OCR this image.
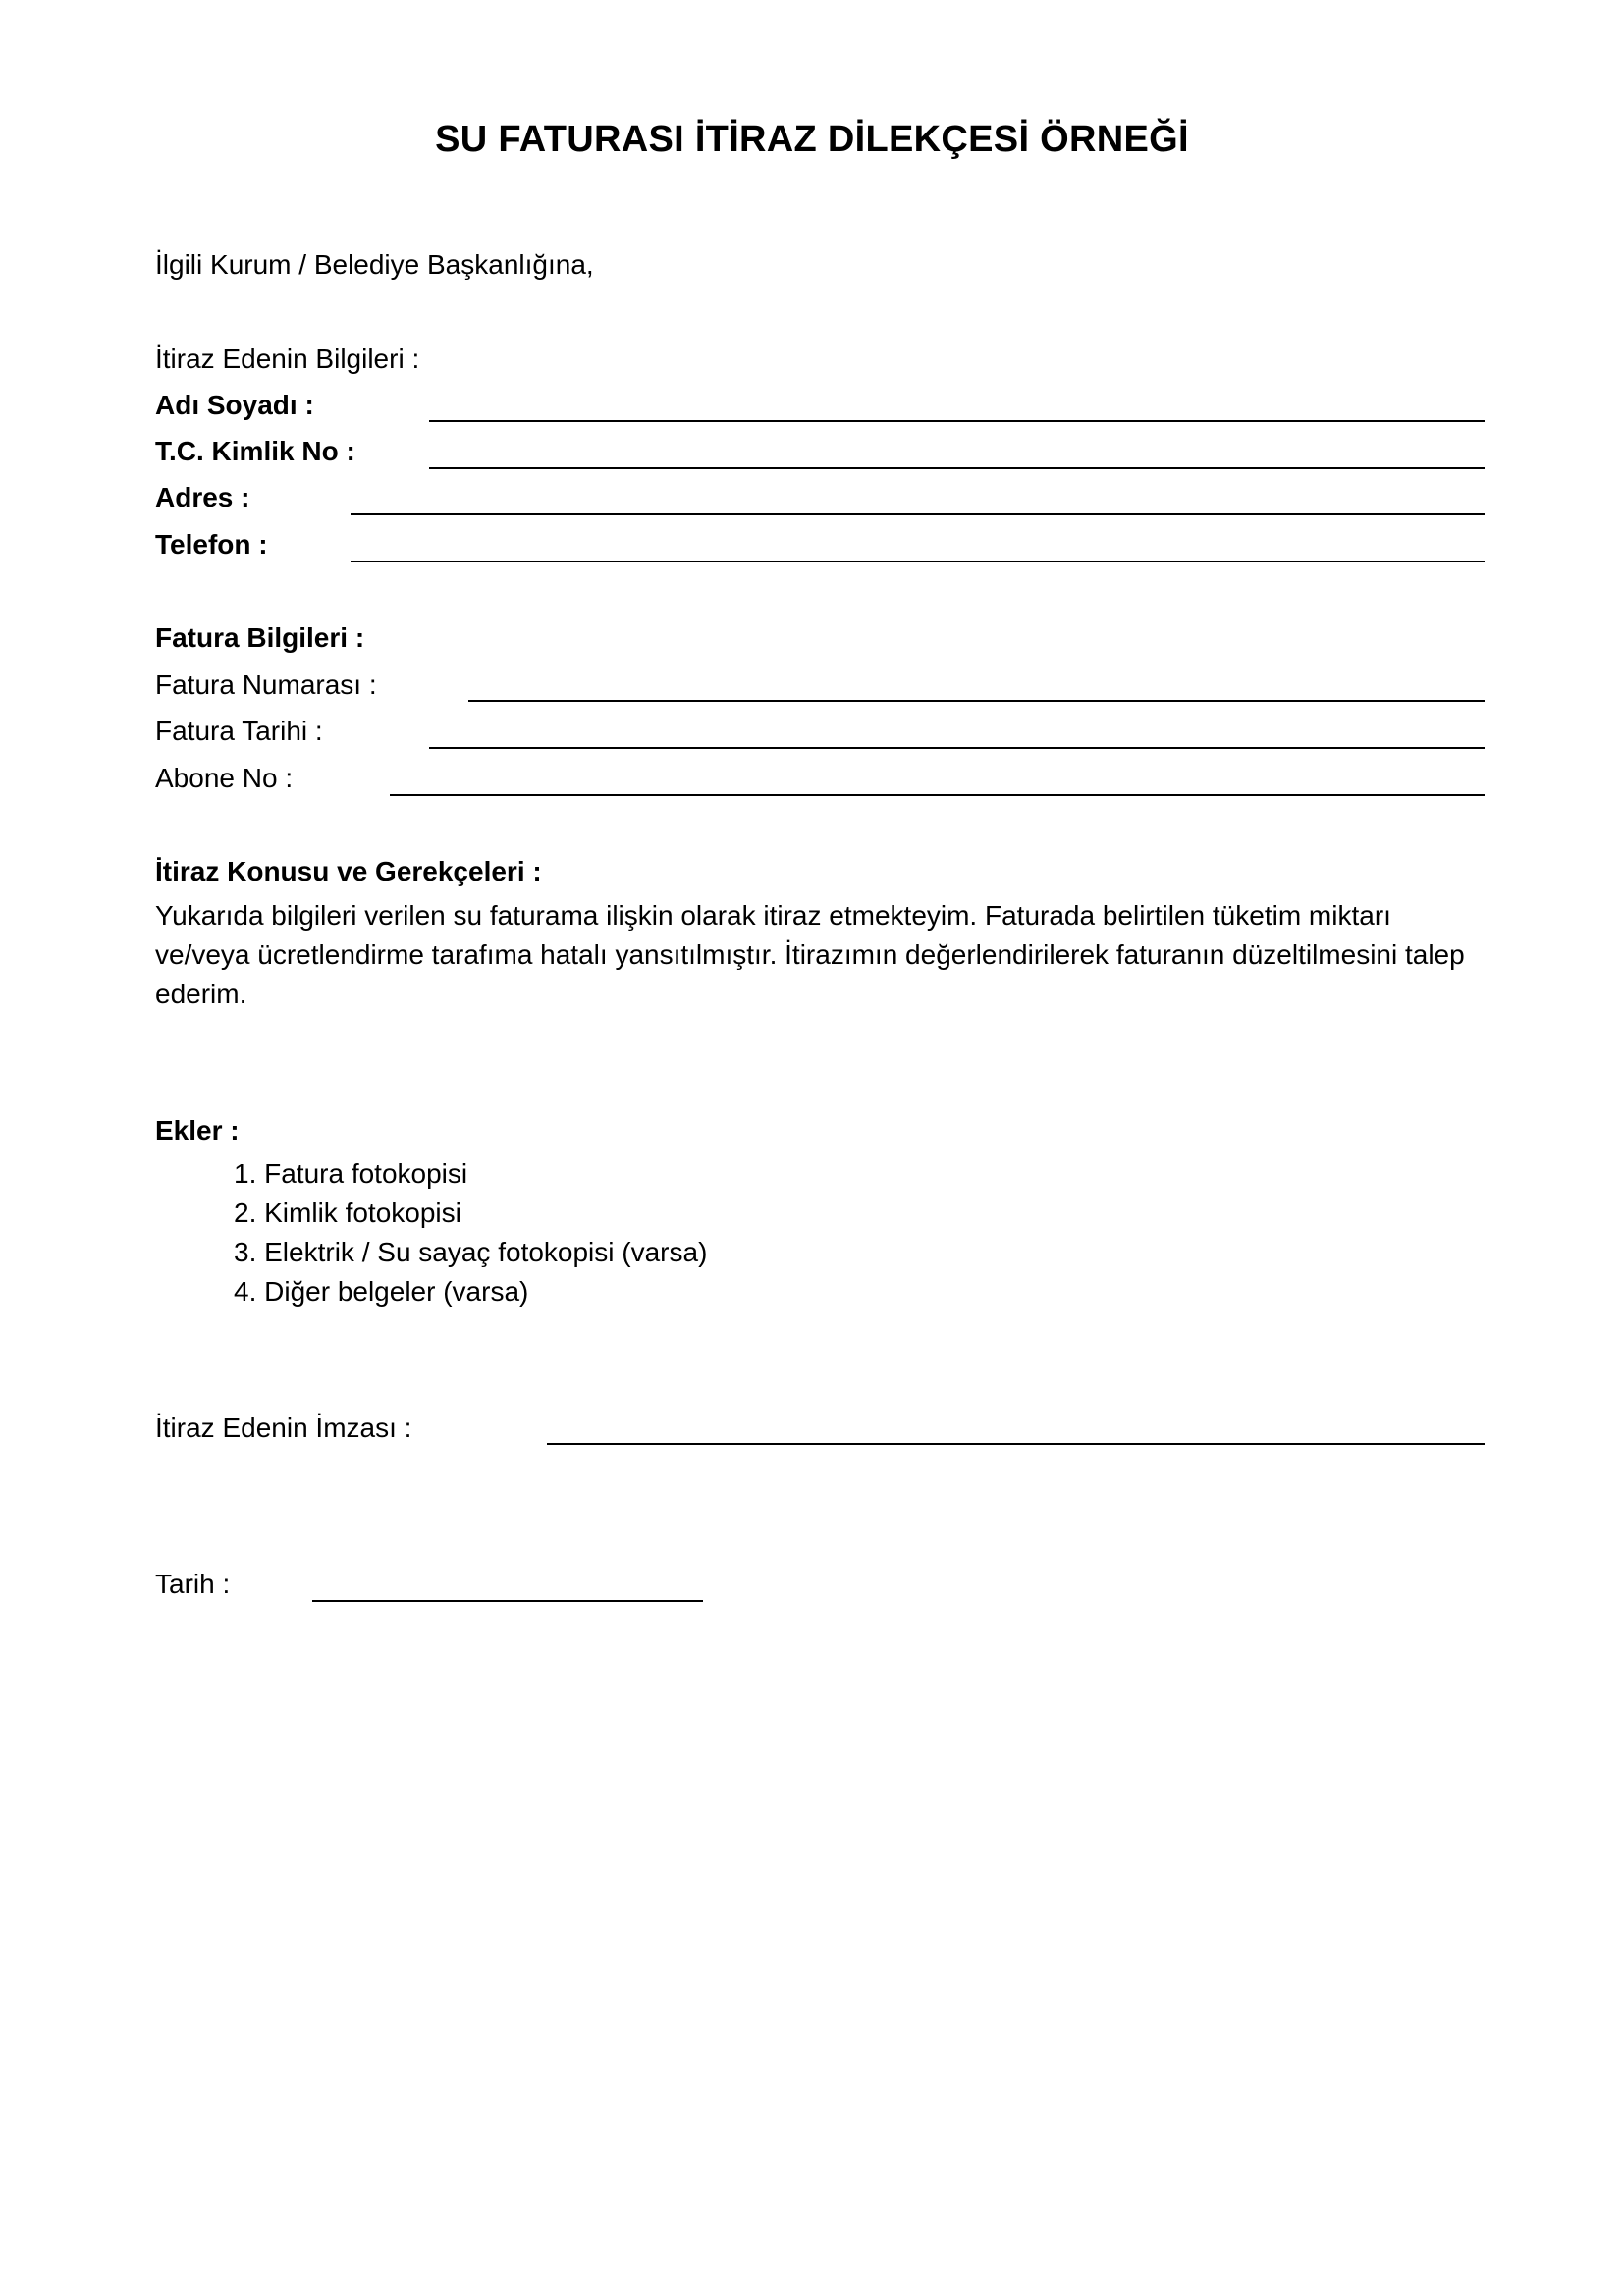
SU FATURASI İTİRAZ DİLEKÇESİ ÖRNEĞİ
İlgili Kurum / Belediye Başkanlığına,
İtiraz Edenin Bilgileri :
Adı Soyadı :
T.C. Kimlik No :
Adres :
Telefon :
Fatura Bilgileri :
Fatura Numarası :
Fatura Tarihi :
Abone No :
İtiraz Konusu ve Gerekçeleri :
Yukarıda bilgileri verilen su faturama ilişkin olarak itiraz etmekteyim. Faturada belirtilen tüketim miktarı ve/veya ücretlendirme tarafıma hatalı yansıtılmıştır. İtirazımın değerlendirilerek faturanın düzeltilmesini talep ederim.
Ekler :
1. Fatura fotokopisi
2. Kimlik fotokopisi
3. Elektrik / Su sayaç fotokopisi (varsa)
4. Diğer belgeler (varsa)
İtiraz Edenin İmzası :
Tarih :
